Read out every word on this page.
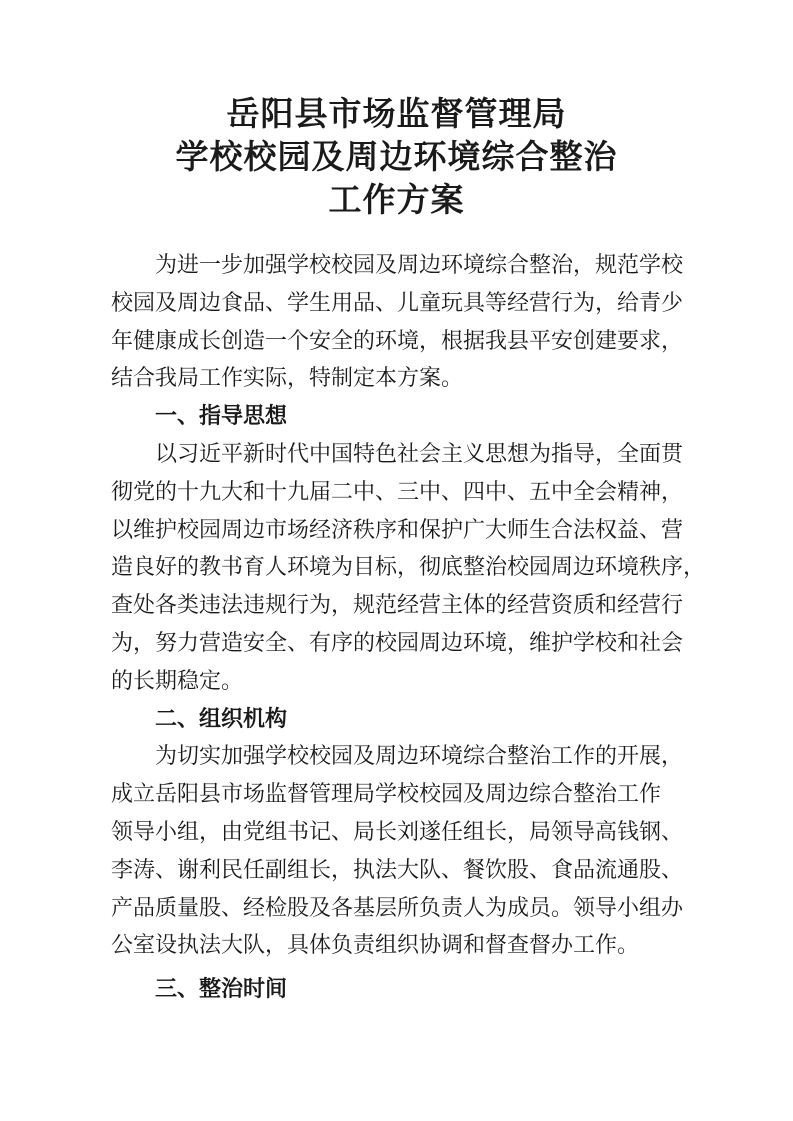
岳阳县市场监督管理局
学校校园及周边环境综合整治
工作方案

为进一步加强学校校园及周边环境综合整治，规范学校

校园及周边食品、学生用品、儿童玩具等经营行为，给青少

年健康成长创造一个安全的环境，根据我县平安创建要求，

结合我局工作实际，特制定本方案。

一、指导思想

以习近平新时代中国特色社会主义思想为指导，全面贯

彻党的十九大和十九届二中、三中、四中、五中全会精神，

以维护校园周边市场经济秩序和保护广大师生合法权益、营

造良好的教书育人环境为目标，彻底整治校园周边环境秩序，

查处各类违法违规行为，规范经营主体的经营资质和经营行

为，努力营造安全、有序的校园周边环境，维护学校和社会

的长期稳定。

二、组织机构

为切实加强学校校园及周边环境综合整治工作的开展，

成立岳阳县市场监督管理局学校校园及周边综合整治工作

领导小组，由党组书记、局长刘遂任组长，局领导高钱钢、

李涛、谢利民任副组长，执法大队、餐饮股、食品流通股、

产品质量股、经检股及各基层所负责人为成员。领导小组办

公室设执法大队，具体负责组织协调和督查督办工作。

三、整治时间
